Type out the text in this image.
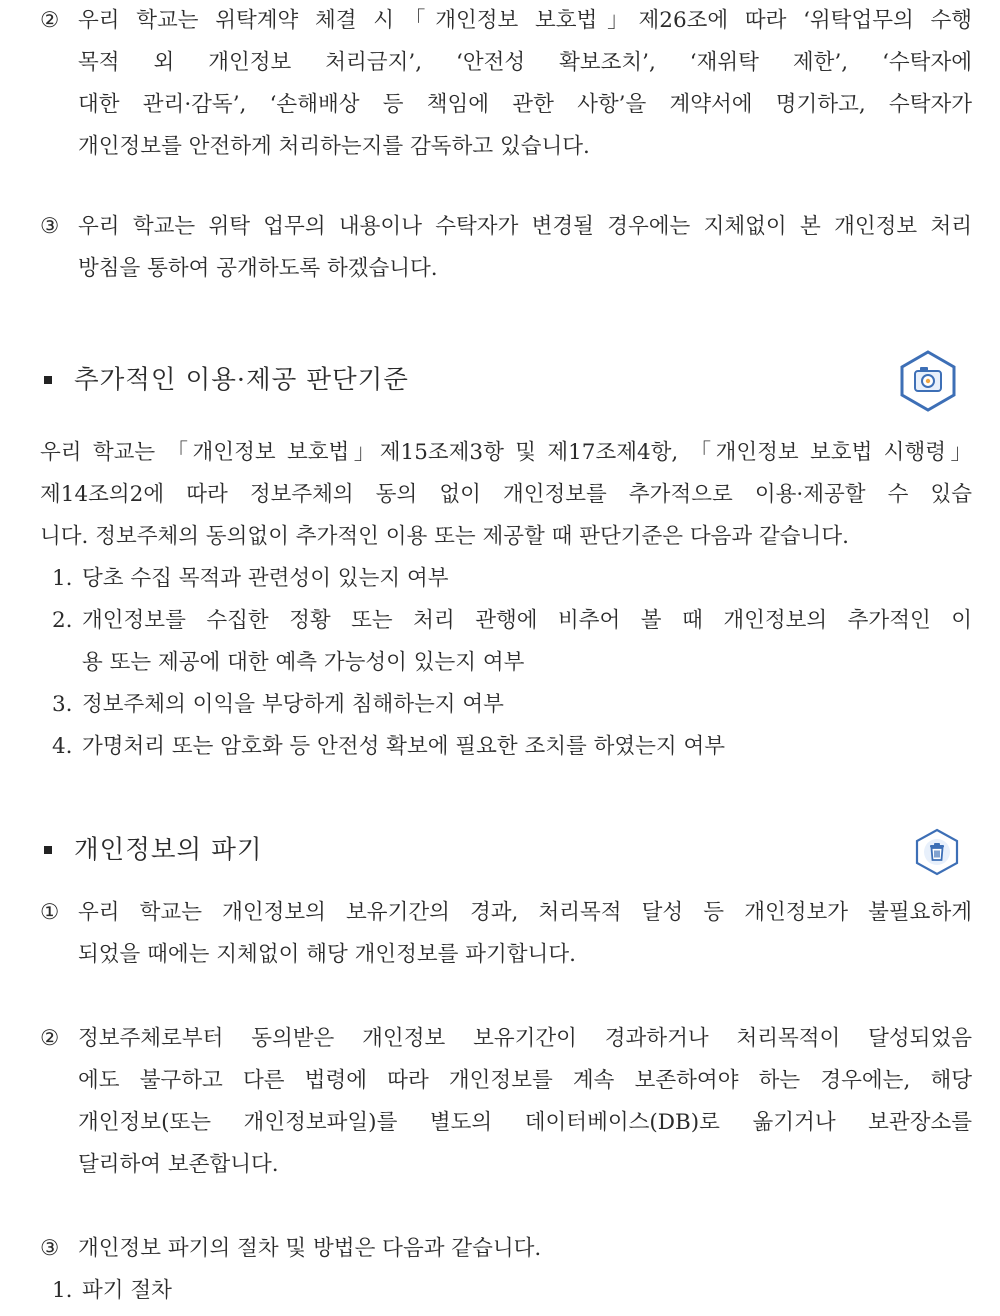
② 우리 학교는 위탁계약 체결 시「개인정보 보호법」제26조에 따라 ‘위탁업무의 수행
목적 외 개인정보 처리금지’, ‘안전성 확보조치’, ‘재위탁 제한’, ‘수탁자에
대한 관리·감독’, ‘손해배상 등 책임에 관한 사항’을 계약서에 명기하고, 수탁자가
개인정보를 안전하게 처리하는지를 감독하고 있습니다.
③ 우리 학교는 위탁 업무의 내용이나 수탁자가 변경될 경우에는 지체없이 본 개인정보 처리
방침을 통하여 공개하도록 하겠습니다.
추가적인 이용·제공 판단기준
우리 학교는 「개인정보 보호법」제15조제3항 및 제17조제4항, 「개인정보 보호법 시행령」
제14조의2에 따라 정보주체의 동의 없이 개인정보를 추가적으로 이용·제공할 수 있습
니다. 정보주체의 동의없이 추가적인 이용 또는 제공할 때 판단기준은 다음과 같습니다.
1. 당초 수집 목적과 관련성이 있는지 여부
2. 개인정보를 수집한 정황 또는 처리 관행에 비추어 볼 때 개인정보의 추가적인 이
용 또는 제공에 대한 예측 가능성이 있는지 여부
3. 정보주체의 이익을 부당하게 침해하는지 여부
4. 가명처리 또는 암호화 등 안전성 확보에 필요한 조치를 하였는지 여부
개인정보의 파기
① 우리 학교는 개인정보의 보유기간의 경과, 처리목적 달성 등 개인정보가 불필요하게
되었을 때에는 지체없이 해당 개인정보를 파기합니다.
② 정보주체로부터 동의받은 개인정보 보유기간이 경과하거나 처리목적이 달성되었음
에도 불구하고 다른 법령에 따라 개인정보를 계속 보존하여야 하는 경우에는, 해당
개인정보(또는 개인정보파일)를 별도의 데이터베이스(DB)로 옮기거나 보관장소를
달리하여 보존합니다.
③ 개인정보 파기의 절차 및 방법은 다음과 같습니다.
1. 파기 절차
